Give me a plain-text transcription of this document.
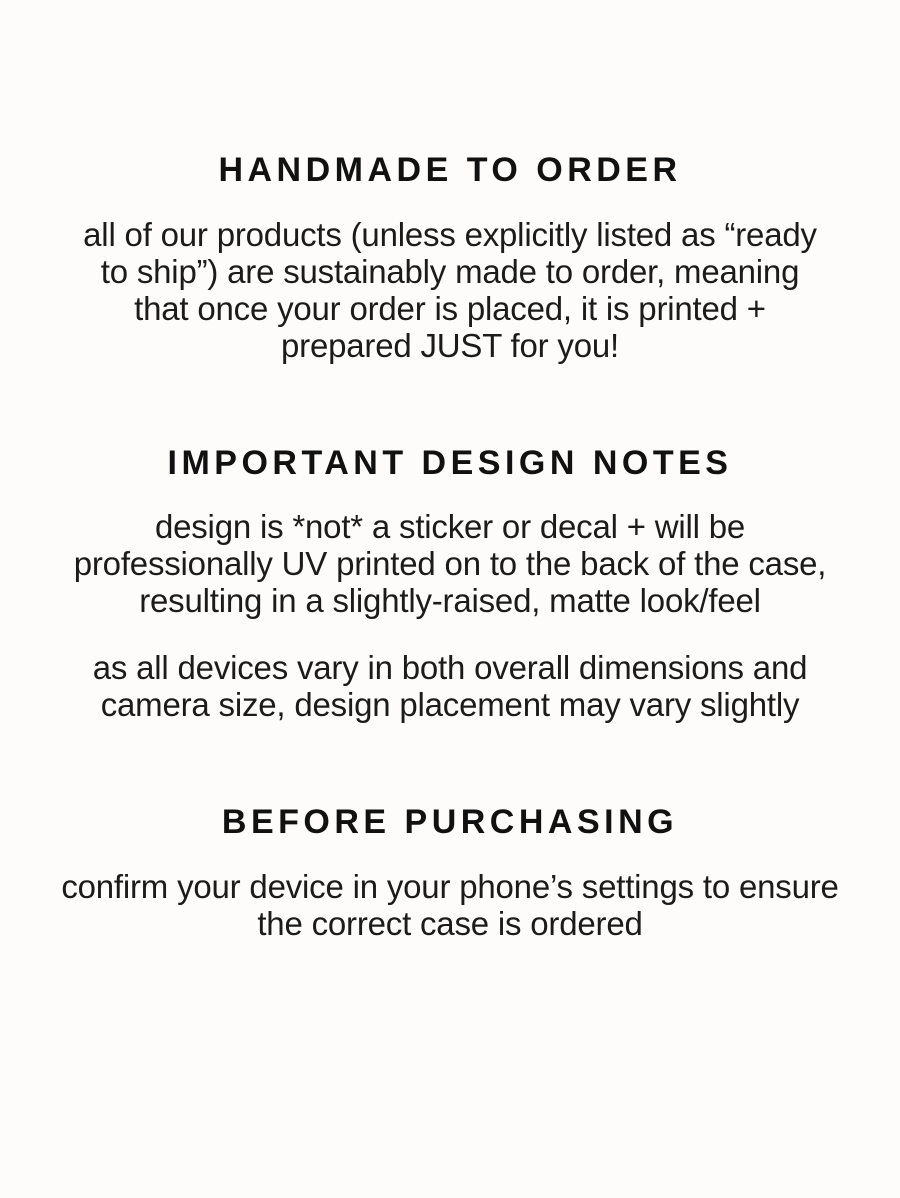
HANDMADE TO ORDER

all of our products (unless explicitly listed as “ready to ship”) are sustainably made to order, meaning that once your order is placed, it is printed + prepared JUST for you!

IMPORTANT DESIGN NOTES

design is *not* a sticker or decal + will be professionally UV printed on to the back of the case, resulting in a slightly-raised, matte look/feel

as all devices vary in both overall dimensions and camera size, design placement may vary slightly

BEFORE PURCHASING

confirm your device in your phone’s settings to ensure the correct case is ordered
